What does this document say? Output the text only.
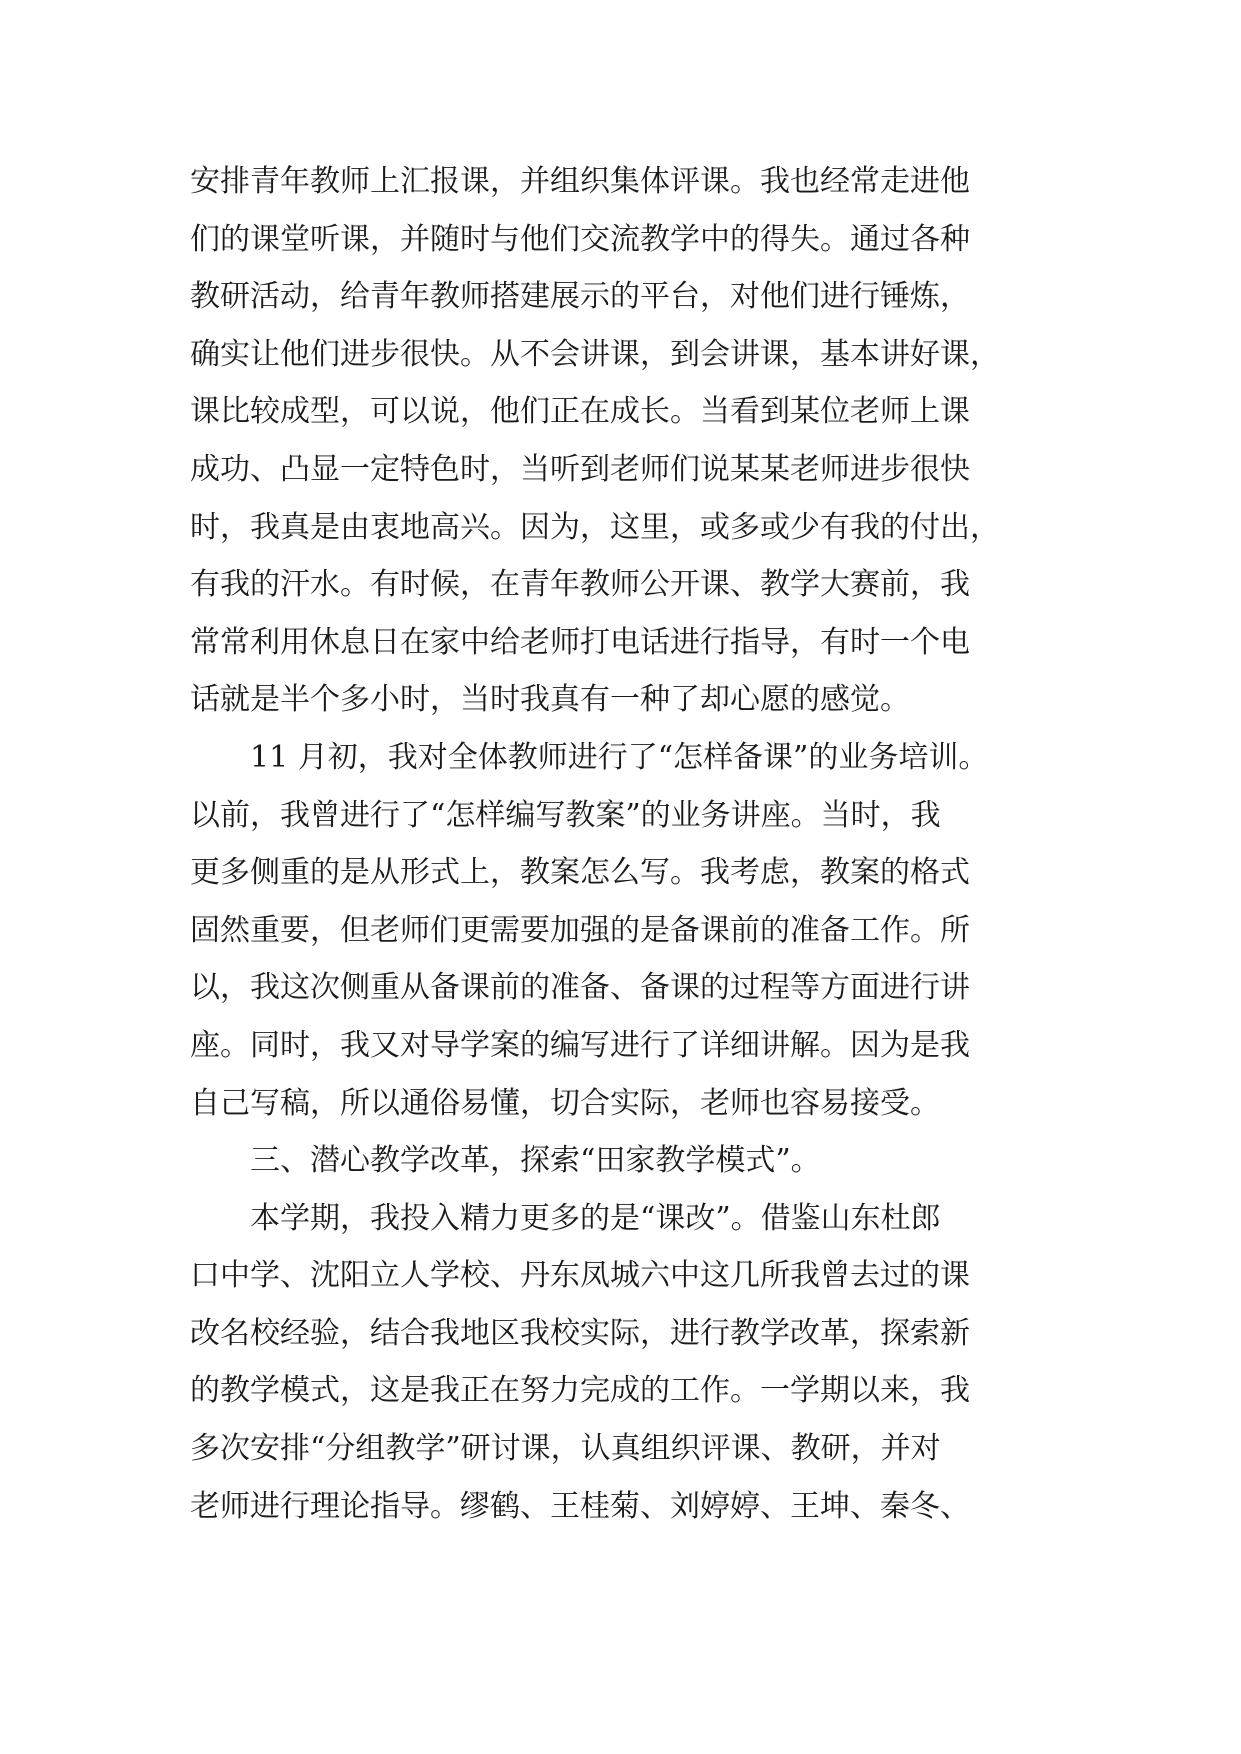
安排青年教师上汇报课，并组织集体评课。我也经常走进他
们的课堂听课，并随时与他们交流教学中的得失。通过各种
教研活动，给青年教师搭建展示的平台，对他们进行锤炼，
确实让他们进步很快。从不会讲课，到会讲课，基本讲好课，
课比较成型，可以说，他们正在成长。当看到某位老师上课
成功、凸显一定特色时，当听到老师们说某某老师进步很快
时，我真是由衷地高兴。因为，这里，或多或少有我的付出，
有我的汗水。有时候，在青年教师公开课、教学大赛前，我
常常利用休息日在家中给老师打电话进行指导，有时一个电
话就是半个多小时，当时我真有一种了却心愿的感觉。
11 月初，我对全体教师进行了“怎样备课”的业务培训。
以前，我曾进行了“怎样编写教案”的业务讲座。当时，我
更多侧重的是从形式上，教案怎么写。我考虑，教案的格式
固然重要，但老师们更需要加强的是备课前的准备工作。所
以，我这次侧重从备课前的准备、备课的过程等方面进行讲
座。同时，我又对导学案的编写进行了详细讲解。因为是我
自己写稿，所以通俗易懂，切合实际，老师也容易接受。
三、潜心教学改革，探索“田家教学模式”。
本学期，我投入精力更多的是“课改”。借鉴山东杜郎
口中学、沈阳立人学校、丹东凤城六中这几所我曾去过的课
改名校经验，结合我地区我校实际，进行教学改革，探索新
的教学模式，这是我正在努力完成的工作。一学期以来，我
多次安排“分组教学”研讨课，认真组织评课、教研，并对
老师进行理论指导。缪鹤、王桂菊、刘婷婷、王坤、秦冬、
